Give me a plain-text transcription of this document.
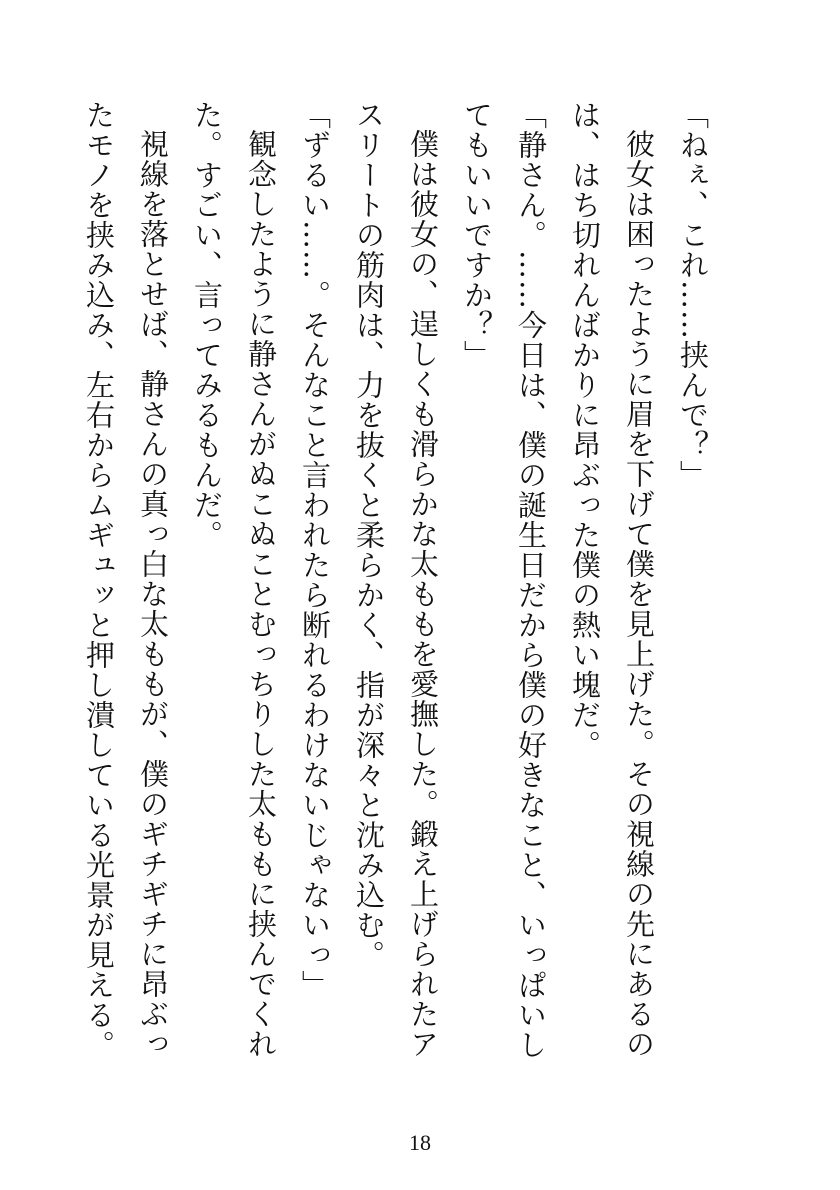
「ねぇ、これ……挟んで？」

彼女は困ったように眉を下げて僕を見上げた。その視線の先にあるのは、はち切れんばかりに昂ぶった僕の熱い塊だ。

「静さん。……今日は、僕の誕生日だから僕の好きなこと、いっぱいしてもいいですか？」

僕は彼女の、逞しくも滑らかな太ももを愛撫した。鍛え上げられたアスリートの筋肉は、力を抜くと柔らかく、指が深々と沈み込む。

「ずるい……。そんなこと言われたら断れるわけないじゃないっ」

観念したように静さんがぬこぬことむっちりした太ももに挟んでくれた。すごい、言ってみるもんだ。

視線を落とせば、静さんの真っ白な太ももが、僕のギチギチに昂ぶったモノを挟み込み、左右からムギュッと押し潰している光景が見える。

18
